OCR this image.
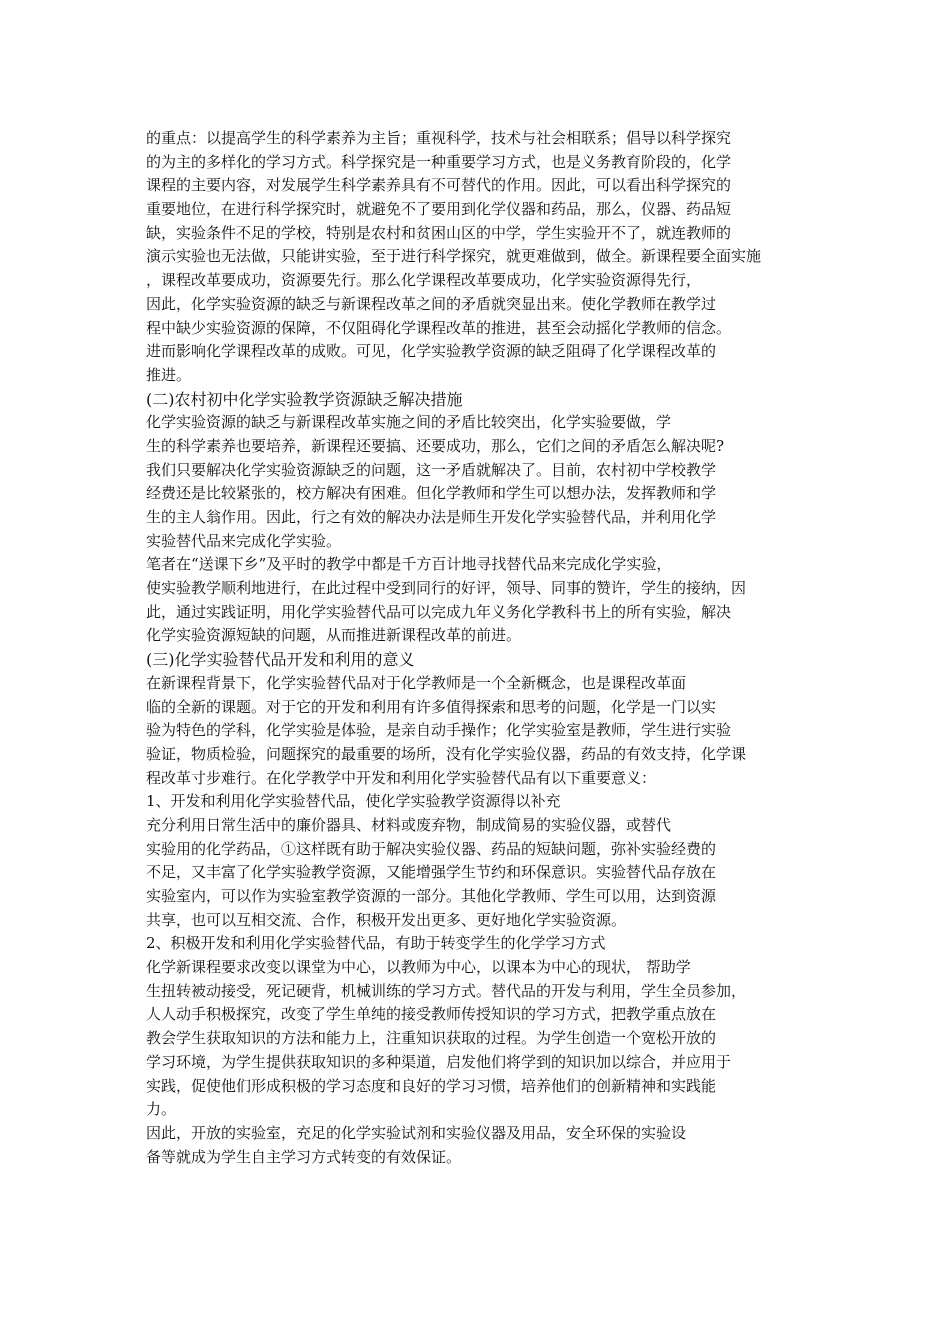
的重点：以提高学生的科学素养为主旨；重视科学，技术与社会相联系；倡导以科学探究
的为主的多样化的学习方式。科学探究是一种重要学习方式，也是义务教育阶段的，化学
课程的主要内容，对发展学生科学素养具有不可替代的作用。因此，可以看出科学探究的
重要地位，在进行科学探究时，就避免不了要用到化学仪器和药品，那么，仪器、药品短
缺，实验条件不足的学校，特别是农村和贫困山区的中学，学生实验开不了，就连教师的
演示实验也无法做，只能讲实验，至于进行科学探究，就更难做到，做全。新课程要全面实施
，课程改革要成功，资源要先行。那么化学课程改革要成功，化学实验资源得先行，
因此，化学实验资源的缺乏与新课程改革之间的矛盾就突显出来。使化学教师在教学过
程中缺少实验资源的保障，不仅阻碍化学课程改革的推进，甚至会动摇化学教师的信念。
进而影响化学课程改革的成败。可见，化学实验教学资源的缺乏阻碍了化学课程改革的
推进。
(二)农村初中化学实验教学资源缺乏解决措施
化学实验资源的缺乏与新课程改革实施之间的矛盾比较突出，化学实验要做，学
生的科学素养也要培养，新课程还要搞、还要成功，那么，它们之间的矛盾怎么解决呢?
我们只要解决化学实验资源缺乏的问题，这一矛盾就解决了。目前，农村初中学校教学
经费还是比较紧张的，校方解决有困难。但化学教师和学生可以想办法，发挥教师和学
生的主人翁作用。因此，行之有效的解决办法是师生开发化学实验替代品，并利用化学
实验替代品来完成化学实验。
笔者在“送课下乡”及平时的教学中都是千方百计地寻找替代品来完成化学实验，
使实验教学顺利地进行，在此过程中受到同行的好评，领导、同事的赞许，学生的接纳，因
此，通过实践证明，用化学实验替代品可以完成九年义务化学教科书上的所有实验，解决
化学实验资源短缺的问题，从而推进新课程改革的前进。
(三)化学实验替代品开发和利用的意义
在新课程背景下，化学实验替代品对于化学教师是一个全新概念，也是课程改革面
临的全新的课题。对于它的开发和利用有许多值得探索和思考的问题，化学是一门以实
验为特色的学科，化学实验是体验，是亲自动手操作；化学实验室是教师，学生进行实验
验证，物质检验，问题探究的最重要的场所，没有化学实验仪器，药品的有效支持，化学课
程改革寸步难行。在化学教学中开发和利用化学实验替代品有以下重要意义：
1、开发和利用化学实验替代品，使化学实验教学资源得以补充
充分利用日常生活中的廉价器具、材料或废弃物，制成简易的实验仪器，或替代
实验用的化学药品，①这样既有助于解决实验仪器、药品的短缺问题，弥补实验经费的
不足，又丰富了化学实验教学资源，又能增强学生节约和环保意识。实验替代品存放在
实验室内，可以作为实验室教学资源的一部分。其他化学教师、学生可以用，达到资源
共享，也可以互相交流、合作，积极开发出更多、更好地化学实验资源。
2、积极开发和利用化学实验替代品，有助于转变学生的化学学习方式
化学新课程要求改变以课堂为中心，以教师为中心，以课本为中心的现状， 帮助学
生扭转被动接受，死记硬背，机械训练的学习方式。替代品的开发与利用，学生全员参加，
人人动手积极探究，改变了学生单纯的接受教师传授知识的学习方式，把教学重点放在
教会学生获取知识的方法和能力上，注重知识获取的过程。为学生创造一个宽松开放的
学习环境，为学生提供获取知识的多种渠道，启发他们将学到的知识加以综合，并应用于
实践，促使他们形成积极的学习态度和良好的学习习惯，培养他们的创新精神和实践能
力。
因此，开放的实验室，充足的化学实验试剂和实验仪器及用品，安全环保的实验设
备等就成为学生自主学习方式转变的有效保证。
